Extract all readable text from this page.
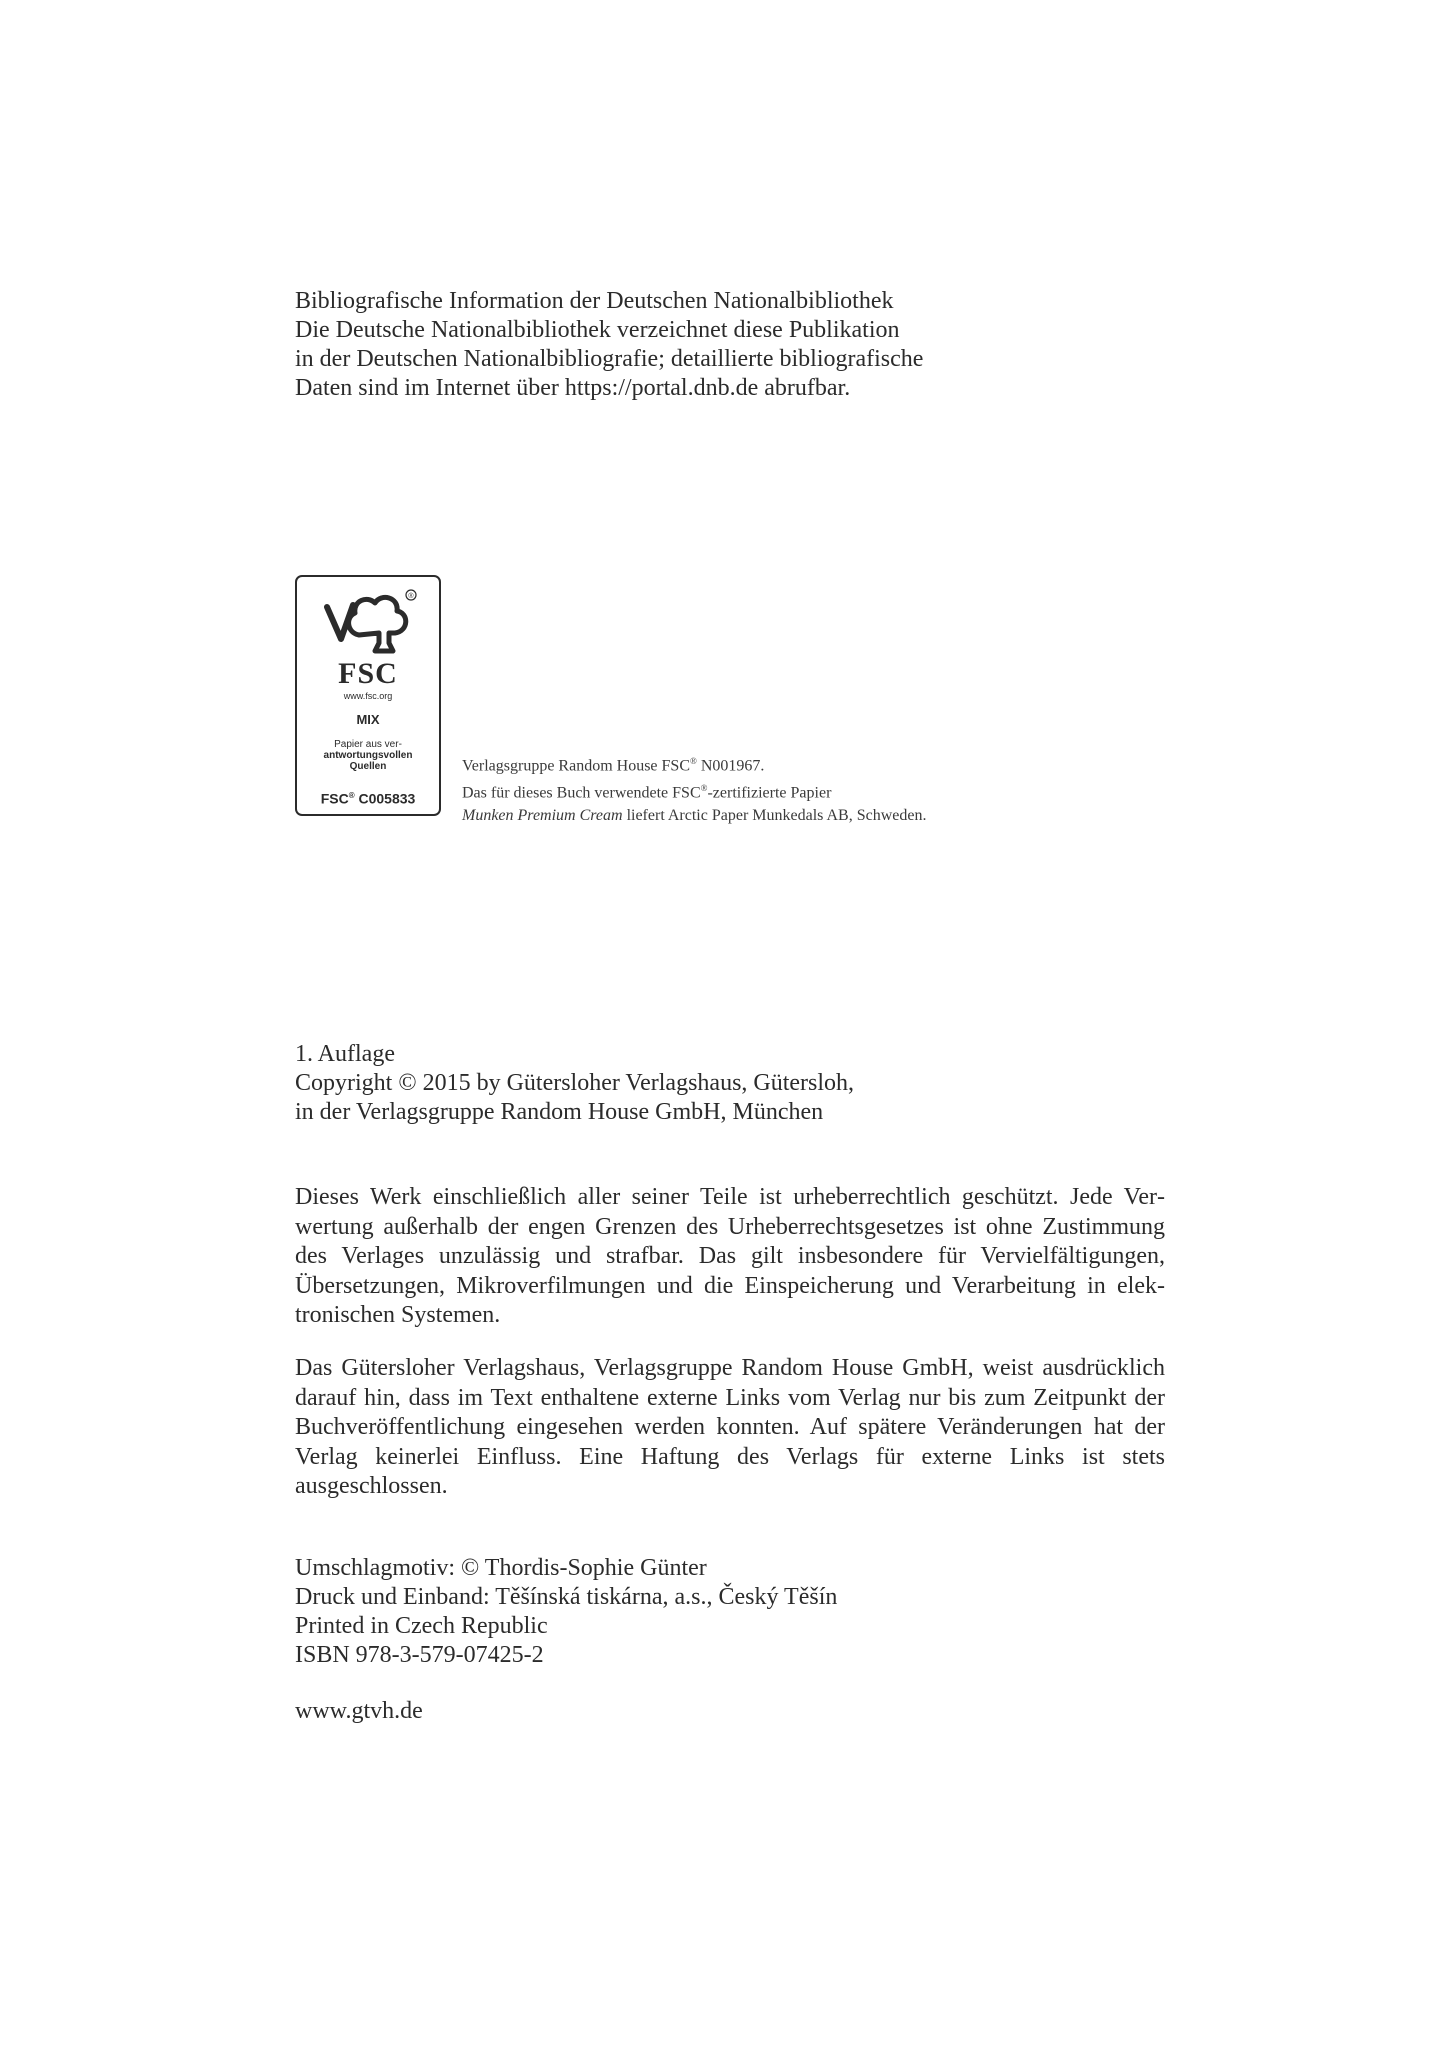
Bibliografische Information der Deutschen Nationalbibliothek
Die Deutsche Nationalbibliothek verzeichnet diese Publikation
in der Deutschen Nationalbibliografie; detaillierte bibliografische
Daten sind im Internet über https://portal.dnb.de abrufbar.
®
FSC
www.fsc.org
MIX
Papier aus ver-
antwortungsvollen
Quellen
FSC® C005833
Verlagsgruppe Random House FSC® N001967.
Das für dieses Buch verwendete FSC®-zertifizierte Papier
Munken Premium Cream liefert Arctic Paper Munkedals AB, Schweden.
1. Auflage
Copyright © 2015 by Gütersloher Verlagshaus, Gütersloh,
in der Verlagsgruppe Random House GmbH, München

Dieses Werk einschließlich aller seiner Teile ist urheberrechtlich geschützt. Jede Verwertung außerhalb der engen Grenzen des Urheberrechtsgesetzes ist ohne Zustimmung des Verlages unzulässig und strafbar. Das gilt insbesondere für Vervielfältigungen, Übersetzungen, Mikroverfilmungen und die Einspeicherung und Verarbeitung in elektronischen Systemen.

Das Gütersloher Verlagshaus, Verlagsgruppe Random House GmbH, weist ausdrücklich darauf hin, dass im Text enthaltene externe Links vom Verlag nur bis zum Zeitpunkt der Buchveröffentlichung eingesehen werden konnten. Auf spätere Veränderungen hat der Verlag keinerlei Einfluss. Eine Haftung des Verlags für externe Links ist stets ausgeschlossen.

Umschlagmotiv: © Thordis-Sophie Günter
Druck und Einband: Těšínská tiskárna, a.s., Český Těšín
Printed in Czech Republic
ISBN 978-3-579-07425-2
www.gtvh.de
